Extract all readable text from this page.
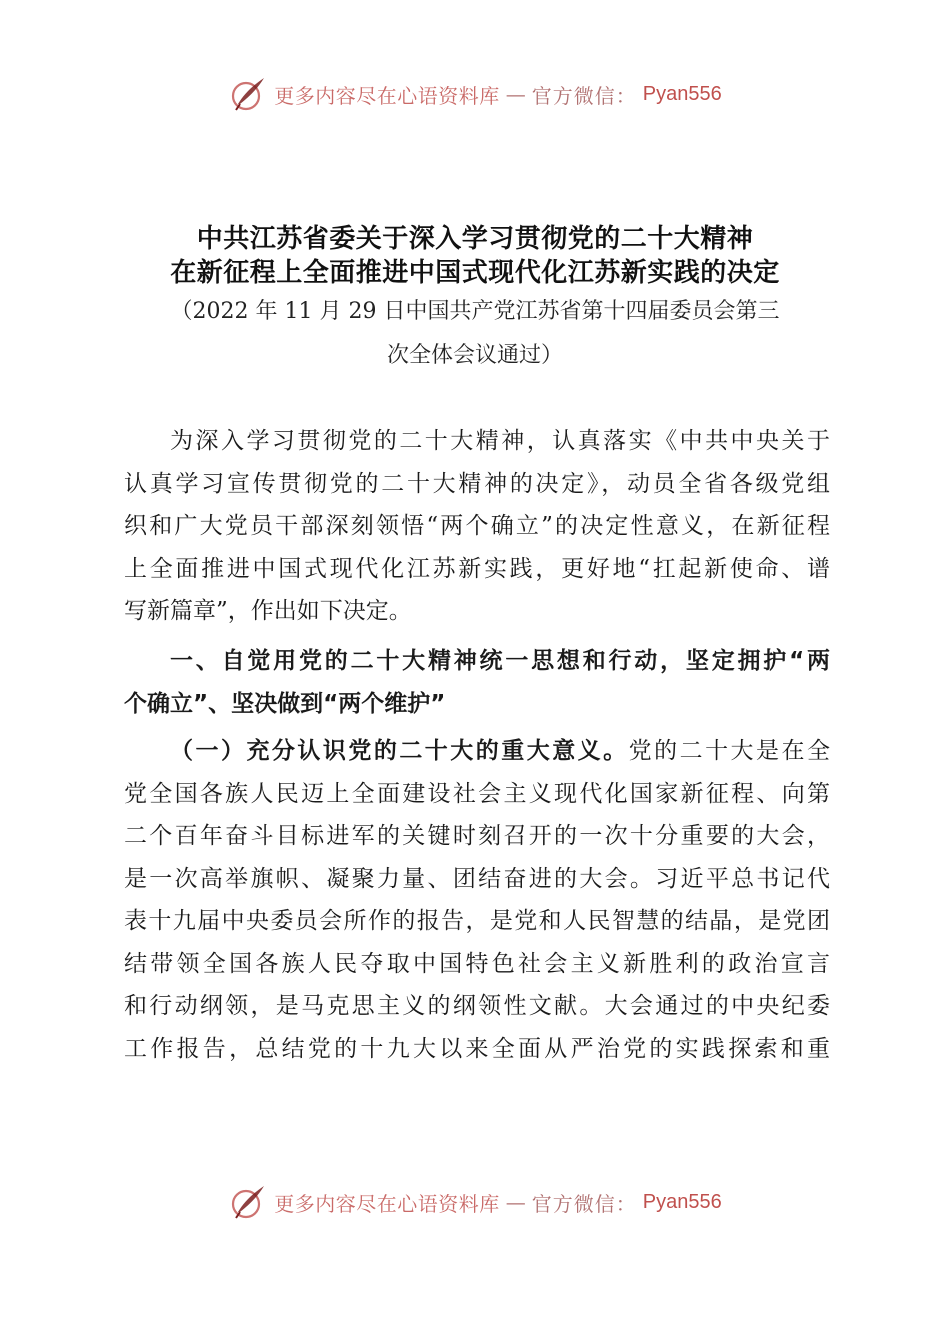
更多内容尽在心语资料库 — 官方微信： Pyan556
中共江苏省委关于深入学习贯彻党的二十大精神
在新征程上全面推进中国式现代化江苏新实践的决定
（2022 年 11 月 29 日中国共产党江苏省第十四届委员会第三
次全体会议通过）
为深入学习贯彻党的二十大精神，认真落实《中共中央关于
认真学习宣传贯彻党的二十大精神的决定》，动员全省各级党组
织和广大党员干部深刻领悟“两个确立”的决定性意义，在新征程
上全面推进中国式现代化江苏新实践，更好地“扛起新使命、谱
写新篇章”，作出如下决定。
一、自觉用党的二十大精神统一思想和行动，坚定拥护“两
个确立”、坚决做到“两个维护”
（一）充分认识党的二十大的重大意义。党的二十大是在全
党全国各族人民迈上全面建设社会主义现代化国家新征程、向第
二个百年奋斗目标进军的关键时刻召开的一次十分重要的大会，
是一次高举旗帜、凝聚力量、团结奋进的大会。习近平总书记代
表十九届中央委员会所作的报告，是党和人民智慧的结晶，是党团
结带领全国各族人民夺取中国特色社会主义新胜利的政治宣言
和行动纲领，是马克思主义的纲领性文献。大会通过的中央纪委
工作报告，总结党的十九大以来全面从严治党的实践探索和重
更多内容尽在心语资料库 — 官方微信： Pyan556
